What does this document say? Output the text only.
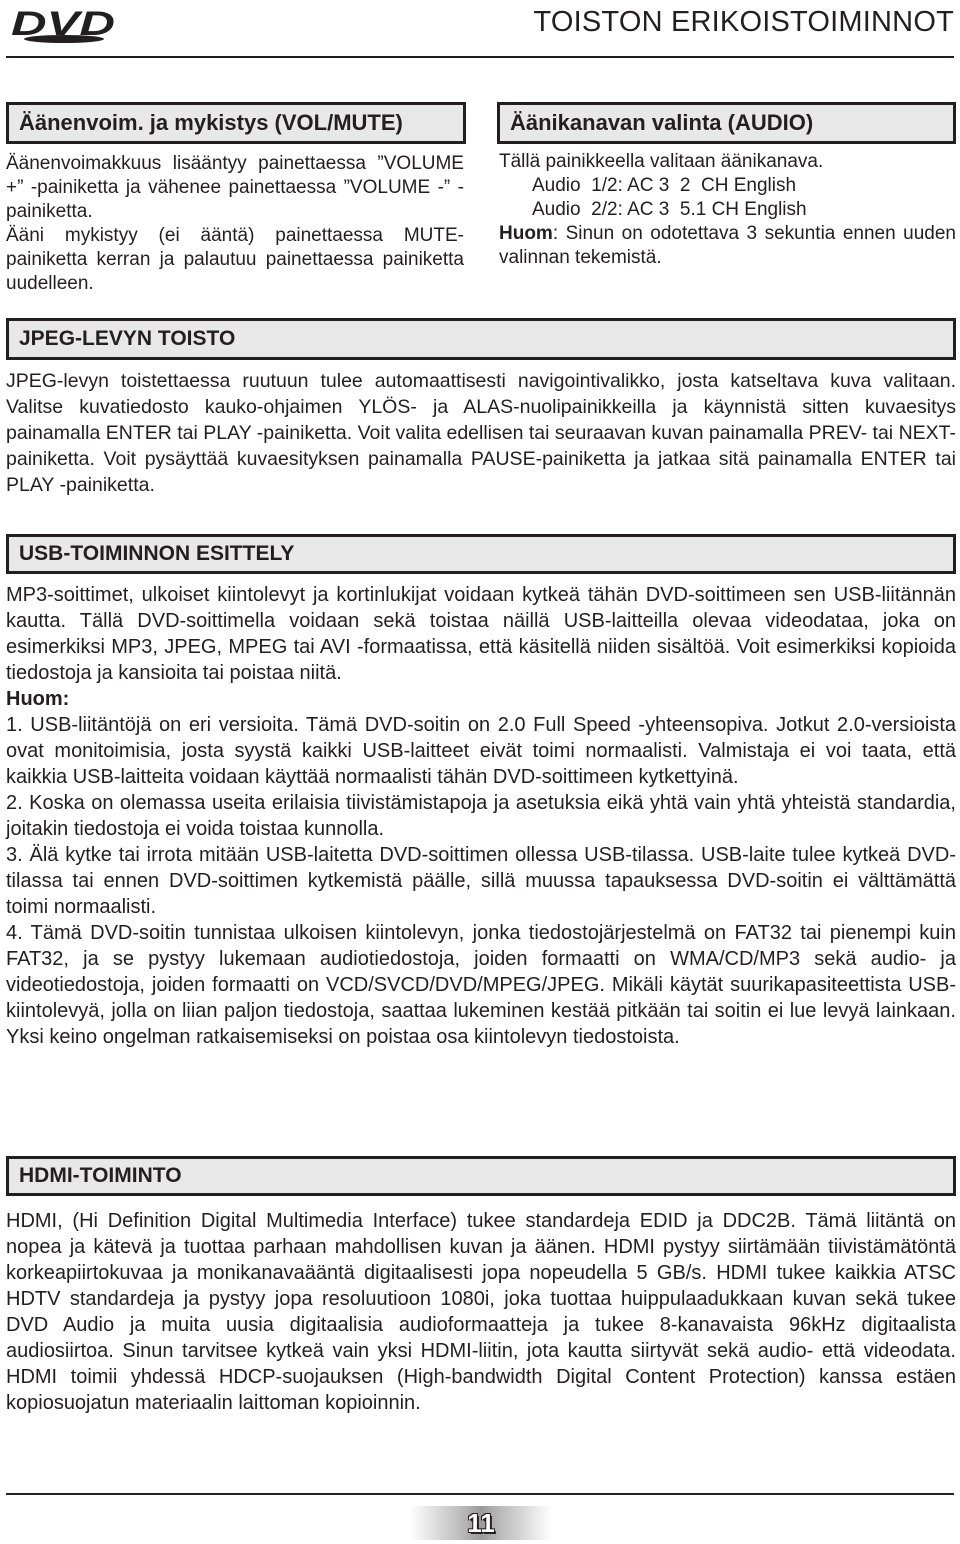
DVD	TOISTON ERIKOISTOIMINNOT
Äänenvoim. ja mykistys (VOL/MUTE)

Äänenvoimakkuus lisääntyy painettaessa ”VOLUME +” -painiketta ja vähenee painettaessa ”VOLUME -” -painiketta.

Ääni mykistyy (ei ääntä) painettaessa MUTE-painiketta kerran ja palautuu painettaessa painiketta uudelleen.

Äänikanavan valinta (AUDIO)

Tällä painikkeella valitaan äänikanava.

Audio  1/2: AC 3  2  CH English

Audio  2/2: AC 3  5.1 CH English

Huom: Sinun on odotettava 3 sekuntia ennen uuden valinnan tekemistä.

JPEG-LEVYN TOISTO

JPEG-levyn toistettaessa ruutuun tulee automaattisesti navigointivalikko, josta katseltava kuva valitaan. Valitse kuvatiedosto kauko-ohjaimen YLÖS- ja ALAS-nuolipainikkeilla ja käynnistä sitten kuvaesitys painamalla ENTER tai PLAY -painiketta. Voit valita edellisen tai seuraavan kuvan painamalla PREV- tai NEXT-painiketta. Voit pysäyttää kuvaesityksen painamalla PAUSE-painiketta ja jatkaa sitä painamalla ENTER tai PLAY -painiketta.

USB-TOIMINNON ESITTELY

MP3-soittimet, ulkoiset kiintolevyt ja kortinlukijat voidaan kytkeä tähän DVD-soittimeen sen USB-liitännän kautta. Tällä DVD-soittimella voidaan sekä toistaa näillä USB-laitteilla olevaa videodataa, joka on esimerkiksi MP3, JPEG, MPEG tai AVI -formaatissa, että käsitellä niiden sisältöä. Voit esimerkiksi kopioida tiedostoja ja kansioita tai poistaa niitä.

Huom:

1. USB-liitäntöjä on eri versioita. Tämä DVD-soitin on 2.0 Full Speed -yhteensopiva. Jotkut 2.0-versioista ovat monitoimisia, josta syystä kaikki USB-laitteet eivät toimi normaalisti. Valmistaja ei voi taata, että kaikkia USB-laitteita voidaan käyttää normaalisti tähän DVD-soittimeen kytkettyinä.

2. Koska on olemassa useita erilaisia tiivistämistapoja ja asetuksia eikä yhtä vain yhtä yhteistä standardia, joitakin tiedostoja ei voida toistaa kunnolla.

3. Älä kytke tai irrota mitään USB-laitetta DVD-soittimen ollessa USB-tilassa. USB-laite tulee kytkeä DVD-tilassa tai ennen DVD-soittimen kytkemistä päälle, sillä muussa tapauksessa DVD-soitin ei välttämättä toimi normaalisti.

4. Tämä DVD-soitin tunnistaa ulkoisen kiintolevyn, jonka tiedostojärjestelmä on FAT32 tai pienempi kuin FAT32, ja se pystyy lukemaan audiotiedostoja, joiden formaatti on WMA/CD/MP3 sekä audio- ja videotiedostoja, joiden formaatti on VCD/SVCD/DVD/MPEG/JPEG. Mikäli käytät suurikapasiteettista USB-kiintolevyä, jolla on liian paljon tiedostoja, saattaa lukeminen kestää pitkään tai soitin ei lue levyä lainkaan. Yksi keino ongelman ratkaisemiseksi on poistaa osa kiintolevyn tiedostoista.

HDMI-TOIMINTO

HDMI, (Hi Definition Digital Multimedia Interface) tukee standardeja EDID ja DDC2B. Tämä liitäntä on nopea ja kätevä ja tuottaa parhaan mahdollisen kuvan ja äänen. HDMI pystyy siirtämään tiivistämätöntä korkeapiirtokuvaa ja monikanavaääntä digitaalisesti jopa nopeudella 5 GB/s. HDMI tukee kaikkia ATSC HDTV standardeja ja pystyy jopa resoluutioon 1080i, joka tuottaa huippulaadukkaan kuvan sekä tukee DVD Audio ja muita uusia digitaalisia audioformaatteja ja tukee 8-kanavaista 96kHz digitaalista audiosiirtoa. Sinun tarvitsee kytkeä vain yksi HDMI-liitin, jota kautta siirtyvät sekä audio- että videodata. HDMI toimii yhdessä HDCP-suojauksen (High-bandwidth Digital Content Protection) kanssa estäen kopiosuojatun materiaalin laittoman kopioinnin.

11
